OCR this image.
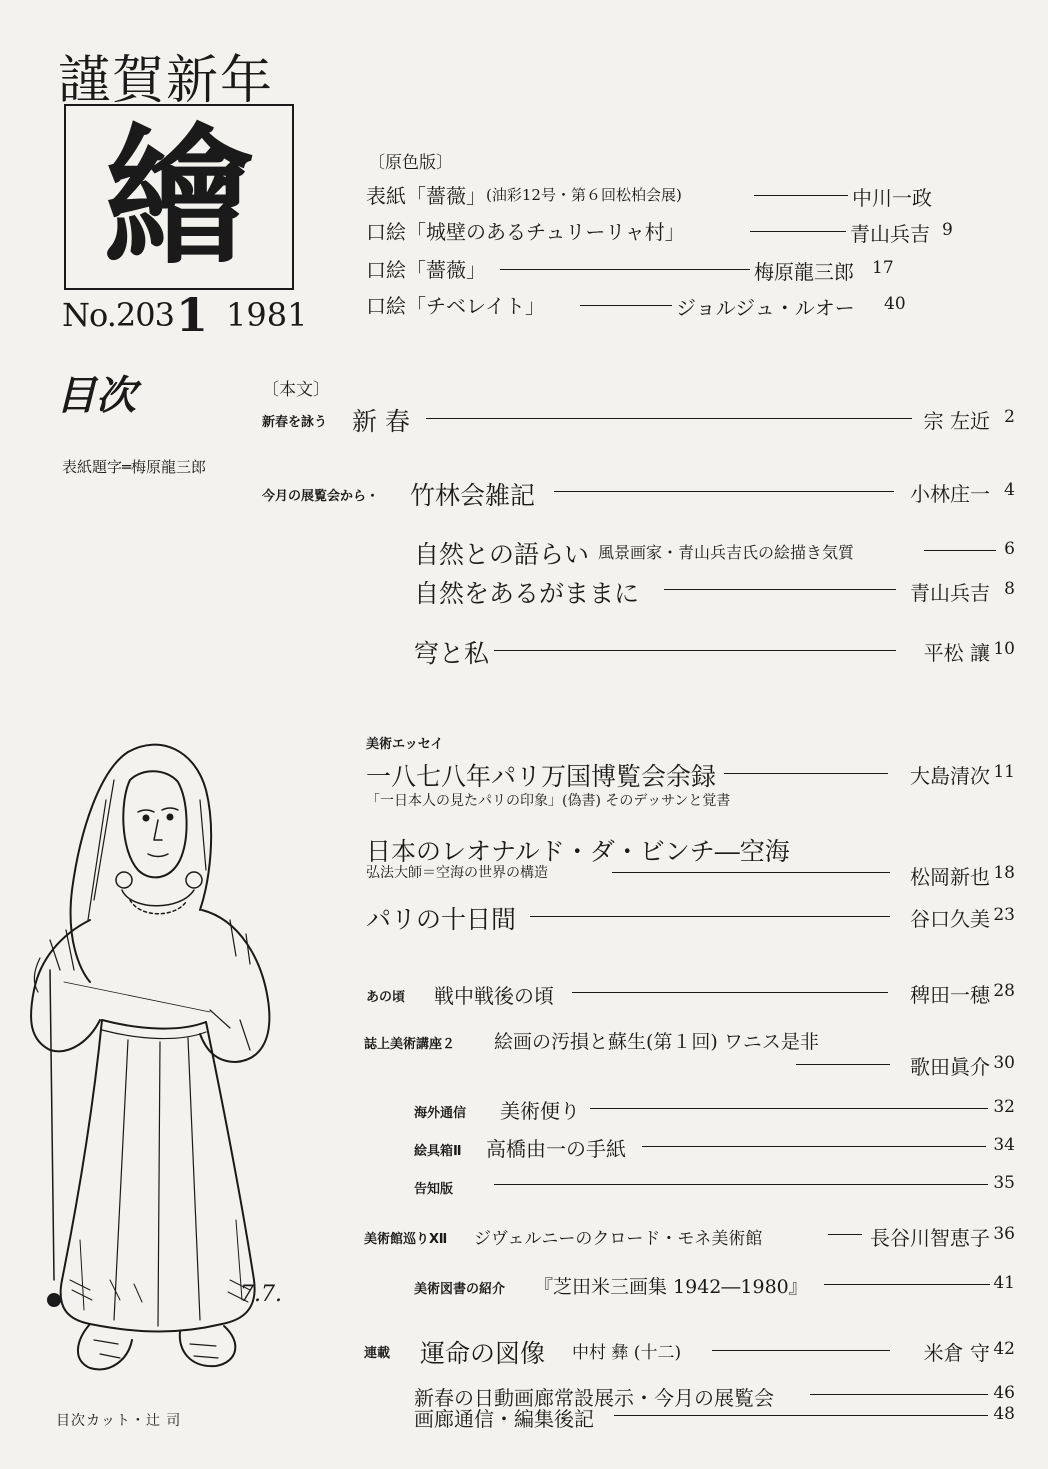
謹賀新年
繪
No.203 1 1981
目次
表紙題字═梅原龍三郎
〔原色版〕
表紙「薔薇」 (油彩12号・第６回松柏会展)	中川一政
口絵「城壁のあるチュリーリャ村」	青山兵吉 9
口絵「薔薇」	梅原龍三郎 17
口絵「チベレイト」	ジョルジュ・ルオー 40
〔本文〕
新春を詠う 新 春	宗 左近 2
今月の展覧会から・ 竹林会雑記	小林庄一 4
自然との語らい 風景画家・青山兵吉氏の絵描き気質	6
自然をあるがままに	青山兵吉 8
穹と私	平松 讓 10
美術エッセイ
一八七八年パリ万国博覧会余録	大島清次 11
「一日本人の見たパリの印象」(偽書) そのデッサンと覚書
日本のレオナルド・ダ・ビンチ―空海
弘法大師＝空海の世界の構造	松岡新也 18
パリの十日間	谷口久美 23
あの頃 戦中戦後の頃	稗田一穂 28
誌上美術講座２ 絵画の汚損と蘇生(第１回) ワニス是非
歌田眞介 30
海外通信 美術便り	32
絵具箱Ⅱ 高橋由一の手紙	34
告知版	35
美術館巡りⅫ ジヴェルニーのクロード・モネ美術館	長谷川智恵子 36
美術図書の紹介 『芝田米三画集 1942―1980』	41
連載 運命の図像 中村 彝 (十二)	米倉 守 42
新春の日動画廊常設展示・今月の展覧会	46
画廊通信・編集後記	48
7.7.
目次カット・辻 司
